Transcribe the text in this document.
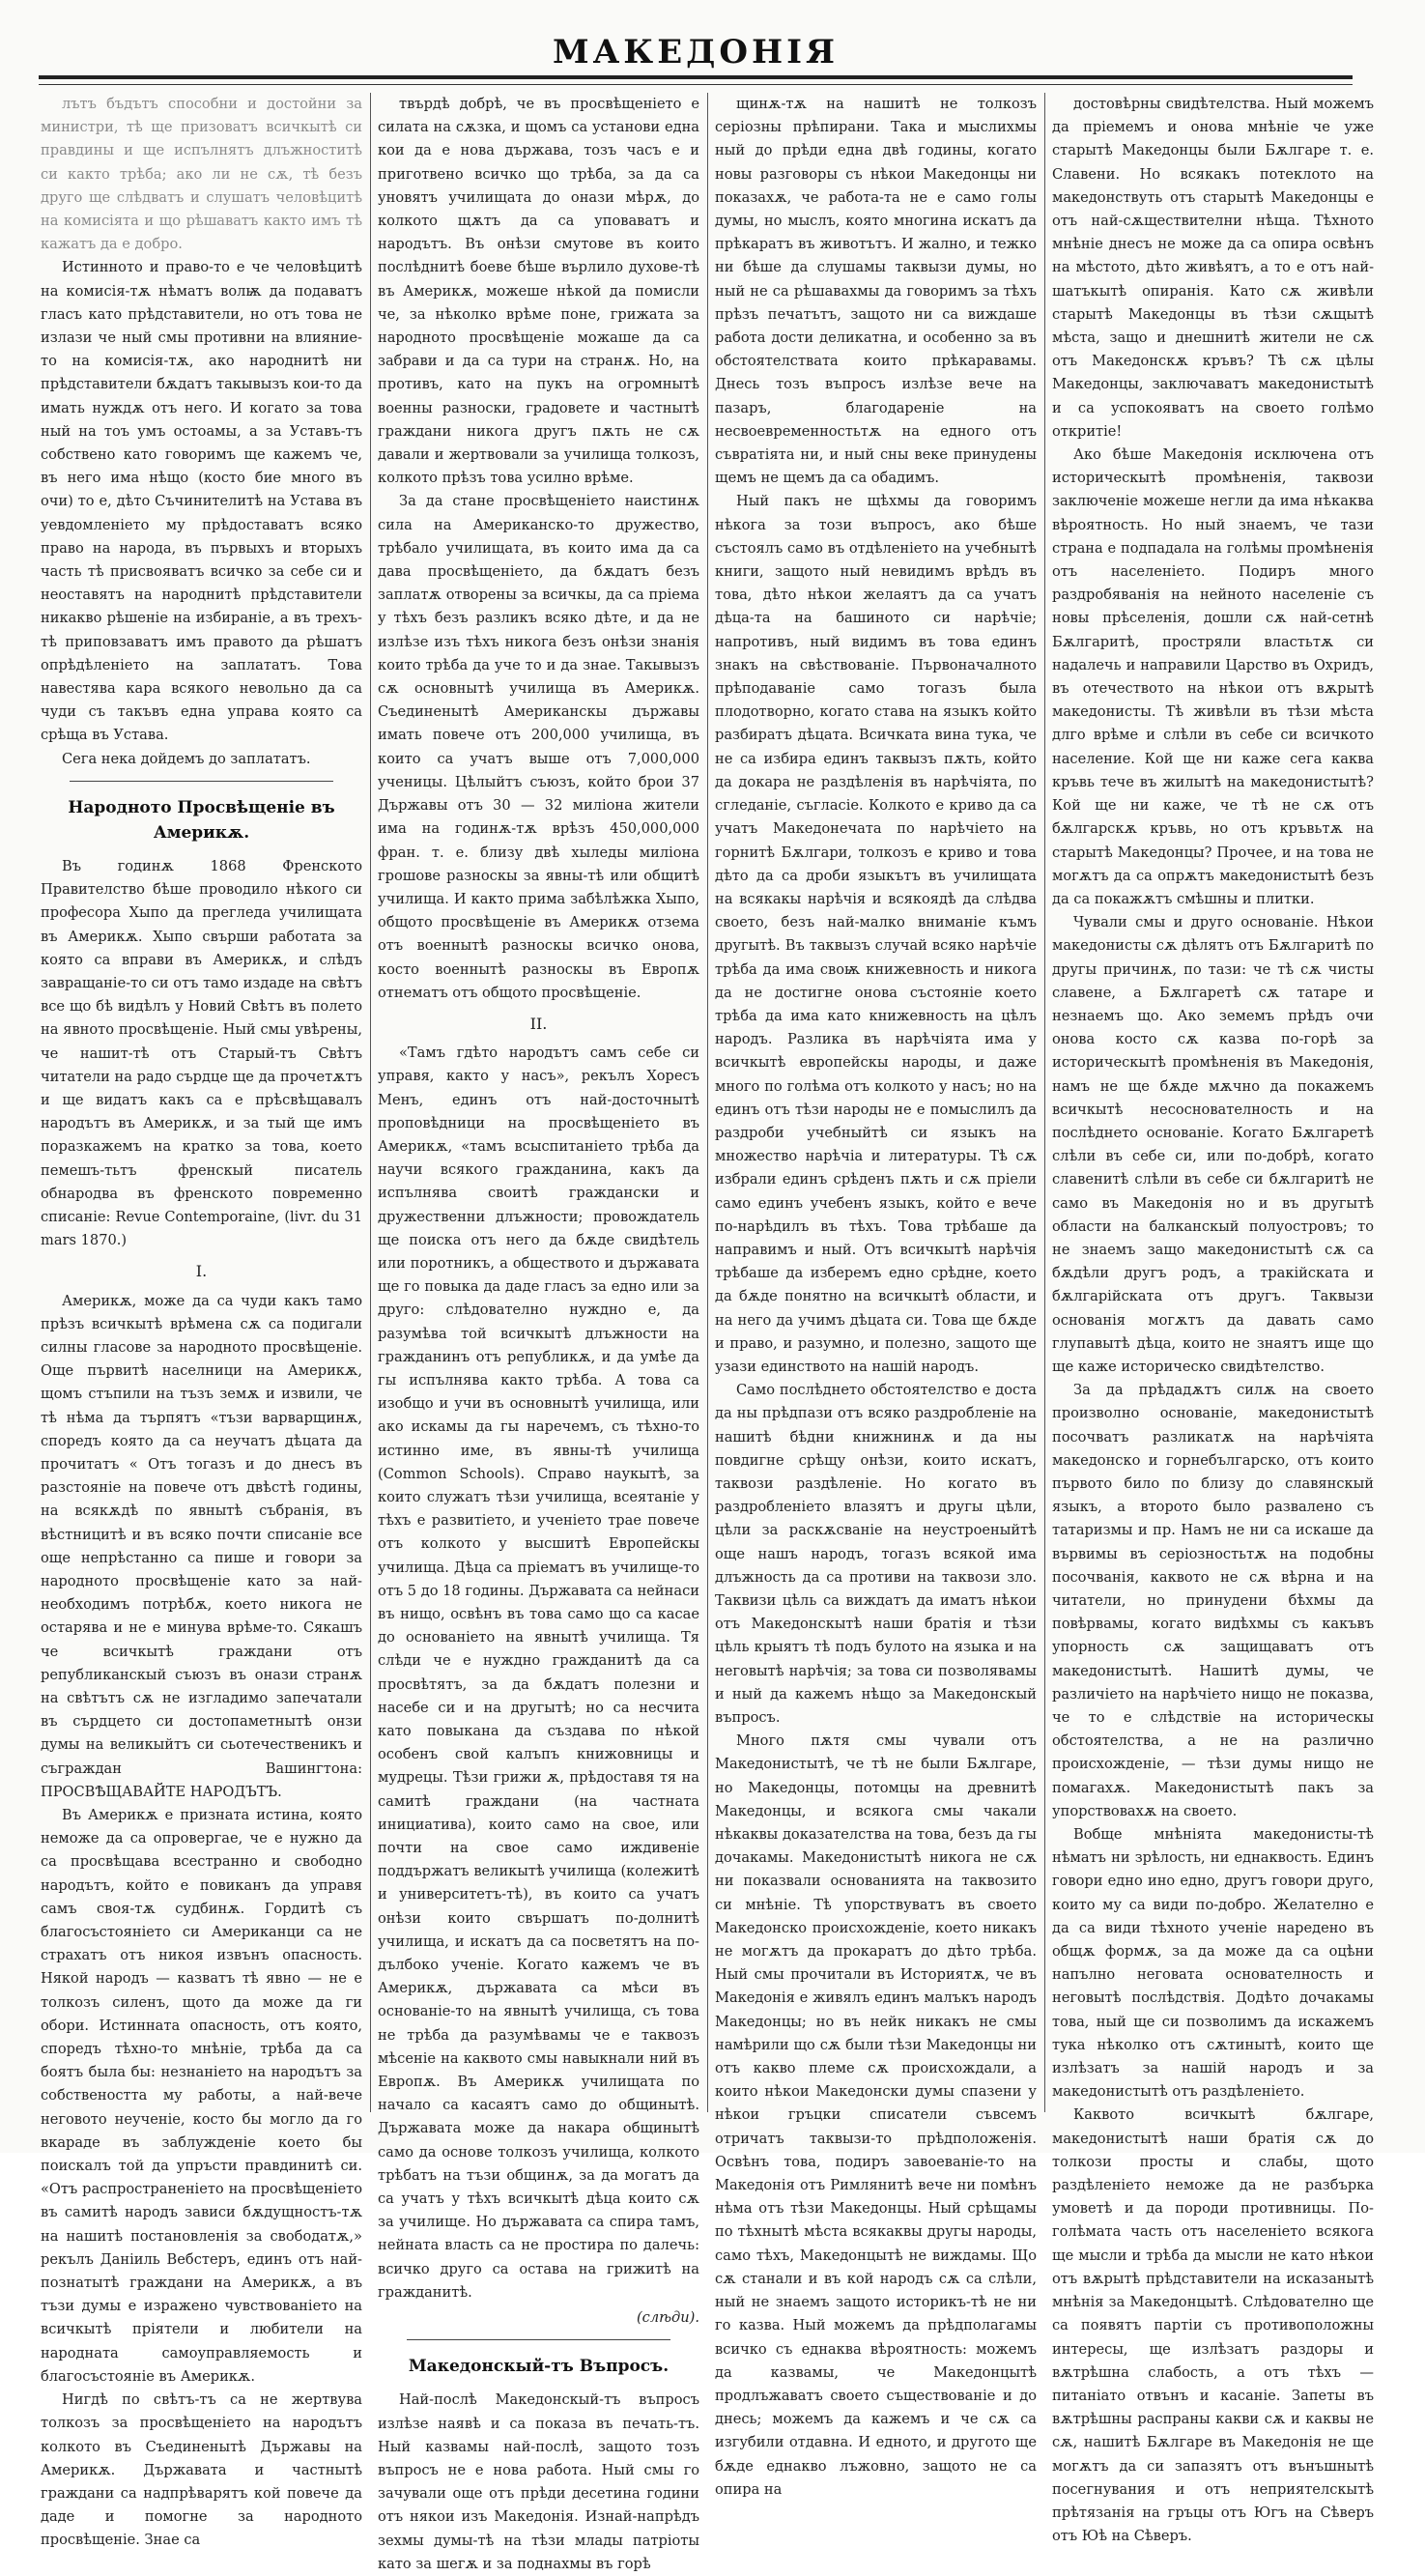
МАКЕДОНІЯ

лътъ бъдътъ способни и достойни за министри, тѣ ще призоватъ всичкытѣ си правдины и ще испълнятъ длъжноститѣ си както трѣба; ако ли не сѫ, тѣ безъ друго ще слѣдватъ и слушатъ человѣцитѣ на комисіята и що рѣшаватъ както имъ тѣ кажатъ да е добро.

Истинното и право-то е че человѣцитѣ на комисія-тѫ нѣматъ волѭ да подаватъ гласъ като прѣдставители, но отъ това не излази че ный смы противни на влияние-то на комисія-тѫ, ако народнитѣ ни прѣдставители бѫдатъ такывызъ кои-то да имать нуждѫ отъ него. И когато за това ный на тоъ умъ остоамы, а за Уставъ-тъ собствено като говоримъ ще кажемъ че, въ него има нѣщо (косто бие много въ очи) то е, дѣто Съчинителитѣ на Устава въ уевдомленіето му прѣдоставатъ всяко право на народа, въ първыхъ и вторыхъ часть тѣ присвояватъ всичко за себе си и неоставятъ на народнитѣ прѣдставители никакво рѣшеніе на избираніе, а въ трехъ-тѣ приповзаватъ имъ правото да рѣшатъ опрѣдѣленіето на заплататъ. Това навестява кара всякого невольно да са чуди съ такъвъ една управа която са срѣща въ Устава.

Сега нека дойдемъ до заплататъ.

Народното Просвѣщеніе въ Америкѫ.

Въ годинѫ 1868 Френското Правителство бѣше проводило нѣкого си професора Хыпо да прегледа училищата въ Америкѫ. Хыпо свърши работата за която са вправи въ Америкѫ, и слѣдъ завращаніе-то си отъ тамо издаде на свѣтъ все що бѣ видѣлъ у Новий Свѣтъ въ полето на явното просвѣщеніе. Ный смы увѣрены, че нашит-тѣ отъ Старый-тъ Свѣтъ читатели на радо сърдце ще да прочетѫтъ и ще видатъ какъ са е прѣсвѣщавалъ народътъ въ Америкѫ, и за тый ще имъ поразкажемъ на кратко за това, което пемешъ-тьтъ френскый писатель обнародва въ френското повременно списаніе: Revue Contemporaine, (livr. du 31 mars 1870.)

I.

Америкѫ, може да са чуди какъ тамо прѣзъ всичкытѣ врѣмена сѫ са подигали силны гласове за народното просвѣщеніе. Още първитѣ населници на Америкѫ, щомъ стъпили на тъзъ земѫ и извили, че тѣ нѣма да търпятъ «тъзи варварщинѫ, споредъ която да са неучатъ дѣцата да прочитатъ « Отъ тогазъ и до днесъ въ разстоянie на повече отъ двѣстѣ годины, на всякѫдѣ по явнытѣ събранія, въ вѣстницитѣ и въ всяко почти списаніе все още непрѣстанно са пише и говори за народното просвѣщеніе като за най-необходимъ потрѣбѫ, което никога не остарява и не е минува врѣме-то. Сякашъ че всичкытѣ граждани отъ републиканскый съюзъ въ онази странѫ на свѣтътъ сѫ не изгладимо запечатали въ сърдцето си достопаметнытѣ онзи думы на великыйтъ си сьотечественикъ и съграждан Вашингтона: ПРОСВѢЩАВАЙТЕ НАРОДЪТЪ.

Въ Америкѫ е признатa истина, която неможе да са опровергае, че е нужно да са просвѣщава всестранно и свободно народътъ, който е повиканъ да управя самъ своя-тѫ судбинѫ. Гордитѣ съ благосъстоянiето си Американци са не страхатъ отъ никоя извънъ опасность. Някой народъ — казватъ тѣ явно — не е толкозъ силенъ, щото да може да ги обори. Истинната опасность, отъ която, споредъ тѣхно-то мнѣніе, трѣба да са боятъ была бы: незнаніето на народътъ за собствеността му работы, а най-вече неговото неученіе, косто бы могло да го вкараде въ заблужденіе което бы поискалъ той да упръсти правдинитѣ си. «Отъ распространеніето на просвѣщеніето въ самитѣ народъ зависи бѫдущностъ-тѫ на нашитѣ постановленія за свободатѫ,» рекълъ Даніиль Вебстеръ, единъ отъ най-познатытѣ граждани на Америкѫ, а въ тъзи думы е изражено чувствованіето на всичкытѣ прiятели и любители на народната самоуправляемость и благосъстояніе въ Америкѫ.

Нигдѣ по свѣтъ-тъ са не жертвува толкозъ за просвѣщеніето на народътъ колкото въ Съединенытѣ Държавы на Америкѫ. Държавата и частнытѣ граждани са надпрѣварятъ кой повече да даде и помогне за народното просвѣщеніе. Знае са

твърдѣ добрѣ, че въ просвѣщеніето е силата на сѫзка, и щомъ са установи една кои да е нова държава, тозъ часъ е и приготвено всичко що трѣба, за да са уновятъ училищата до онази мѣрѫ, до колкото щѫтъ да са уповаватъ и народътъ. Въ онѣзи смутове въ които послѣднитѣ боеве бѣше върлило духове-тѣ въ Америкѫ, можеше нѣкой да помисли че, за нѣколко врѣме поне, грижата за народното просвѣщеніе можаше да са забрави и да са тури на странѫ. Но, на противъ, като на пукъ на огромнытѣ военны разноски, градовете и частнытѣ граждани никога другъ пѫть не сѫ давали и жертвовали за училища толкозъ, колкото прѣзъ това усилно врѣме.

За да стане просвѣщеніето наистинѫ сила на Американско-то дружество, трѣбало училищата, въ които има да са дава просвѣщеніето, да бѫдатъ безъ заплатѫ отворены за всичкы, да са пріема у тѣхъ безъ разликъ всяко дѣте, и да не излѣзе изъ тѣхъ никога безъ онѣзи знанія които трѣба да уче то и да знае. Такывызъ сѫ основнытѣ училища въ Америкѫ. Съединенытѣ Американскы държавы имать повече отъ 200,000 училища, въ които са учатъ выше отъ 7,000,000 ученицы. Цѣлыйтъ съюзъ, който брои 37 Държавы отъ 30 — 32 миліона жители има на годинѫ-тѫ врѣзъ 450,000,000 фран. т. е. близу двѣ хыледы миліона грошове разноскы за явны-тѣ или общитѣ училища. И както прима забѣлѣжка Хыпо, общото просвѣщеніе въ Америкѫ отзема отъ военнытѣ разноскы всичко онова, косто военнытѣ разноскы въ Европѫ отнематъ отъ общото просвѣщеніе.

II.

«Тамъ гдѣто народътъ самъ себе си управя, както у насъ», рекълъ Хоресъ Менъ, единъ отъ най-досточнытѣ проповѣдници на просвѣщеніето въ Америкѫ, «тамъ всыспитаніето трѣба да научи всякого гражданина, какъ да испълнява своитѣ граждански и дружественни длъжности; провождатель ще поиска отъ него да бѫде свидѣтель или поротникъ, а обществото и държавата ще го повыка да даде гласъ за едно или за друго: слѣдователно нуждно е, да разумѣва той всичкытѣ длъжности на гражданинъ отъ републикѫ, и да умѣе да гы испълнява както трѣба. А това са изобщо и учи въ основнытѣ училища, или ако искамы да гы наречемъ, съ тѣхно-то истинно име, въ явны-тѣ училища (Common Schools). Справо наукытѣ, за които служатъ тѣзи училища, всеятаніе у тѣхъ е развитіето, и ученіето трае повече отъ колкото у высшитѣ Европейскы училища. Дѣца са пріематъ въ училище-то отъ 5 до 18 годины. Държавата са нейнаси въ нищо, освѣнъ въ това само що са касае до основаніето на явнытѣ училища. Тя слѣди че е нуждно гражданитѣ да са просвѣтятъ, за да бѫдатъ полезни и насебе си и на другытѣ; но са несчита като повыкана да създава по нѣкой особенъ свой калъпъ книжовницы и мудрецы. Тѣзи грижи ѫ, прѣдоставя тя на самитѣ граждани (на частната инициатива), които само на свое, или почти на свое само иждивеніе поддържатъ великытѣ училища (колежитѣ и университетъ-тѣ), въ които са учатъ онѣзи които свършатъ по-долнитѣ училища, и искатъ да са посветятъ на по-дълбоко ученіе. Когато кажемъ че въ Америкѫ, държавата са мѣси въ основаніе-то на явнытѣ училища, съ това не трѣба да разумѣвамы че е таквозъ мѣсеніе на каквото смы навыкнали ний въ Европѫ. Въ Америкѫ училищата по начало са касаятъ само до общинытѣ. Държавата може да накара общинытѣ само да основе толкозъ училища, колкото трѣбатъ на тъзи общинѫ, за да могатъ да са учатъ у тѣхъ всичкытѣ дѣца които сѫ за училище. Но държавата са спира тамъ, нейната власть са не простира по далечь: всичко друго са остава на грижитѣ на гражданитѣ.

(слѣди).
Македонскый-тъ Въпросъ.

Най-послѣ Македонскый-тъ въпросъ излѣзе наявѣ и са показа въ печать-тъ. Ный казвамы най-послѣ, защото тозъ въпросъ не е нова работа. Ный смы го зачували още отъ прѣди десетина години отъ някои изъ Македонія. Изнай-напрѣдъ зехмы думы-тѣ на тѣзи млады патріоты като за шегѫ и за поднахмы въ горѣ

щинѫ-тѫ на нашитѣ не толкозъ серіозны прѣпирани. Така и мыслихмы ный до прѣди една двѣ годины, когато новы разговоры съ нѣкои Македонцы ни показахѫ, че работа-та не е само голы думы, но мыслъ, която многина искатъ да прѣкаратъ въ животътъ. И жално, и тежко ни бѣше да слушамы таквызи думы, но ный не са рѣшавахмы да говоримъ за тѣхъ прѣзъ печатътъ, защото ни са виждаше работа дости деликатна, и особенно за въ обстоятелствата които прѣкаравамы. Днесь тозъ въпросъ излѣзе вече на пазаръ, благодареніе на несвоевременностьтѫ на едного отъ съвратіята ни, и ный сны веке принудены щемъ не щемъ да са обадимъ.

Ный пакъ не щѣхмы да говоримъ нѣкога за този въпросъ, ако бѣше състоялъ само въ отдѣленіето на учебнытѣ книги, защото ный невидимъ врѣдъ въ това, дѣто нѣкои желаятъ да са учатъ дѣца-та на башиното си нарѣчіе; напротивъ, ный видимъ въ това единъ знакъ на свѣствованіе. Първоначалното прѣподаваніе само тогазъ была плодотворно, когато става на языкъ който разбиратъ дѣцата. Всичката вина тука, че не са избира единъ таквызъ пѫть, който да докара не раздѣленія въ нарѣчіята, по сгледаніе, съгласіе. Колкото е криво да са учатъ Македонечата по нарѣчіето на горнитѣ Бѫлгари, толкозъ е криво и това дѣто да са дроби языкътъ въ училищата на всякакы нарѣчія и всякоядѣ да слѣдва своето, безъ най-малко вниманіе къмъ другытѣ. Въ таквызъ случай всяко нарѣчіе трѣба да има своѭ книжевность и никога да не достигне онова състояніе което трѣба да има като книжевность на цѣлъ народъ. Разлика въ нарѣчіята има у всичкытѣ европейскы народы, и даже много по голѣма отъ колкото у насъ; но на единъ отъ тѣзи народы не е помыслилъ да раздроби учебныйтѣ си языкъ на множество нарѣчіа и литературы. Тѣ сѫ избрали единъ срѣденъ пѫть и сѫ пріели само единъ учебенъ языкъ, който е вече по-нарѣдилъ въ тѣхъ. Това трѣбаше да направимъ и ный. Отъ всичкытѣ нарѣчія трѣбаше да изберемъ едно срѣдне, което да бѫде понятно на всичкытѣ области, и на него да учимъ дѣцата си. Това ще бѫде и право, и разумно, и полезно, защото ще узази единството на нашiй народъ.

Само послѣднето обстоятелство е доста да ны прѣдпази отъ всяко раздробленіе на нашитѣ бѣдни книжнинѫ и да ны повдигне срѣщу онѣзи, които искатъ, таквози раздѣленіе. Но когато въ раздробленіето влазятъ и другы цѣли, цѣли за раскѫсваніе на неустроеныйтѣ още нашъ народъ, тогазъ всякой има длъжность да са противи на таквози зло. Таквизи цѣль са виждатъ да иматъ нѣкои отъ Македонскытѣ наши братія и тѣзи цѣль крыятъ тѣ подъ булото на языка и на неговытѣ нарѣчія; за това си позволявамы и ный да кажемъ нѣщо за Македонскый въпросъ.

Много пѫтя смы чували отъ Македонистытѣ, че тѣ не были Бѫлгаре, но Македонцы, потомцы на древнитѣ Македонцы, и всякога смы чакали нѣкаквы доказателства на това, безъ да гы дочакамы. Македонистытѣ никога не сѫ ни показвали основанията на таквозито си мнѣніе. Тѣ упорствуватъ въ своето Македонско происхожденіе, което никакъ не могѫтъ да прокаратъ до дѣто трѣба. Ный смы прочитали въ Историятѫ, че въ Македонія е живялъ единъ малъкъ народъ Македонцы; но въ нейк никакъ не смы намѣрили що сѫ были тѣзи Македонцы ни отъ какво племе сѫ происхождали, а които нѣкои Македонски думы спазени у нѣкои гръцки списатели съвсемъ отричатъ таквызи-то прѣдположенія. Освѣнъ това, подиръ завоеваніе-то на Македонія отъ Римлянитѣ вече ни помѣнъ нѣма отъ тѣзи Македонцы. Ный срѣщамы по тѣхнытѣ мѣста всякаквы другы народы, само тѣхъ, Македонцытѣ не виждамы. Що сѫ станали и въ кой народъ сѫ са слѣли, ный не знаемъ защото историкъ-тѣ не ни го казва. Ный можемъ да прѣдполагамы всичко съ еднаква вѣроятность: можемъ да казвамы, че Македонцытѣ продлъжаватъ своето съществованіе и до днесь; можемъ да кажемъ и че сѫ са изгубили отдавна. И едното, и другото ще бѫде еднакво лъжовно, защото не са опира на

достовѣрны свидѣтелства. Ный можемъ да пріемемъ и онова мнѣніе че уже старытѣ Македонцы были Бѫлгаре т. е. Славени. Но всякакъ потеклото на македонствуть отъ старытѣ Македонцы е отъ най-сѫществителни нѣща. Тѣхното мнѣніе днесъ не може да са опира освѣнъ на мѣстото, дѣто живѣятъ, а то е отъ най-шатъкытѣ опиранія. Като сѫ живѣли старытѣ Македонцы въ тѣзи сѫщытѣ мѣста, защо и днешнитѣ жители не сѫ отъ Македонскѫ кръвъ? Тѣ сѫ цѣлы Македонцы, заключаватъ македонистытѣ и са успокояватъ на своето голѣмо откритіе!

Ако бѣше Македонія исключена отъ историческытѣ промѣненія, таквози заключеніе можеше негли да има нѣкаква вѣроятность. Но ный знаемъ, че тази страна е подпадала на голѣмы промѣненія отъ населеніето. Подиръ много раздробяванія на нейното населеніе съ новы прѣселенія, дошли сѫ най-сетнѣ Бѫлгаритѣ, простряли властьтѫ си надалечь и направили Царство въ Охридъ, въ отечеството на нѣкои отъ вѫрытѣ македонисты. Тѣ живѣли въ тѣзи мѣста длго врѣме и слѣли въ себе си всичкото население. Кой ще ни каже сега каква кръвь тече въ жилытѣ на македонистытѣ? Кой ще ни каже, че тѣ не сѫ отъ бѫлгарскѫ кръвь, но отъ кръвьтѫ на старытѣ Македонцы? Прочее, и на това не могѫтъ да са опрѫтъ македонистытѣ безъ да са покажѫтъ смѣшны и плитки.

Чували смы и друго основаніе. Нѣкои македонисты сѫ дѣлятъ отъ Бѫлгаритѣ по другы причинѫ, по тази: че тѣ сѫ чисты славене, а Бѫлгаретѣ сѫ татаре и незнаемъ що. Ако земемъ прѣдъ очи онова косто сѫ казва по-горѣ за историческытѣ промѣненія въ Македонія, намъ не ще бѫде мѫчно да покажемъ всичкытѣ несоснователность и на послѣднето основаніе. Когато Бѫлгаретѣ слѣли въ себе си, или по-добрѣ, когато славенитѣ слѣли въ себе си бѫлгаритѣ не само въ Македонія но и въ другытѣ области на балканскый полуостровъ; то не знаемъ защо македонистытѣ сѫ са бѫдѣли другъ родъ, а тракійската и бѫлгарійската отъ другъ. Таквызи основанія могѫтъ да давать само глупавытѣ дѣца, които не знаятъ ище що ще каже историческо свидѣтелство.

За да прѣдадѫтъ силѫ на своето произволно основаніе, македонистытѣ посочватъ разликатѫ на нарѣчіята македонско и горнебългарско, отъ които първото било по близу до славянскый языкъ, а второто было развалено съ татаризмы и пр. Намъ не ни са искаше да вървимы въ серіозностьтѫ на подобны посочванія, каквото не сѫ вѣрна и на читатели, но принудени бѣхмы да повѣрвамы, когато видѣхмы съ какъвъ упорность сѫ защищаватъ отъ македонистытѣ. Нашитѣ думы, че различіето на нарѣчіето нищо не показва, че то е слѣдствіе на историческы обстоятелства, а не на различно происхожденіе, — тѣзи думы нищо не помагахѫ. Македонистытѣ пакъ за упорствовахѫ на своето.

Вобще мнѣніята македонисты-тѣ нѣматъ ни зрѣлость, ни еднаквость. Единъ говори едно ино едно, другъ говори друго, които му са види по-добро. Желателно е да са види тѣхното ученіе наредено въ общѫ формѫ, за да може да са оцѣни напълно неговата основателность и неговытѣ послѣдствія. Додѣто дочакамы това, ный ще си позволимъ да искажемъ тука нѣколко отъ сѫтинытѣ, които ще излѣзатъ за нашiй народъ и за македонистытѣ отъ раздѣленіето.

Каквото всичкытѣ бѫлгаре, македонистытѣ наши братія сѫ до толкози просты и слабы, щото раздѣленіето неможе да не разбърка умоветѣ и да породи противницы. По-голѣмата часть отъ населеніето всякога ще мысли и трѣба да мысли не като нѣкои отъ вѫрытѣ прѣдставители на исказанытѣ мнѣнія за Македонцытѣ. Слѣдователно ще са появятъ партіи съ противоположны интересы, ще излѣзатъ раздоры и вѫтрѣшна слабость, а отъ тѣхъ — питаніато отвънъ и касаніе. Запеты въ вѫтрѣшны распраны какви сѫ и каквы не сѫ, нашитѣ Бѫлгаре въ Македонія не ще могѫтъ да си запазятъ отъ вънъшнытѣ посегнувания и отъ неприятелскытѣ прѣтязанія на гръцы отъ Югъ на Сѣверъ отъ Юѣ на Сѣверъ.
